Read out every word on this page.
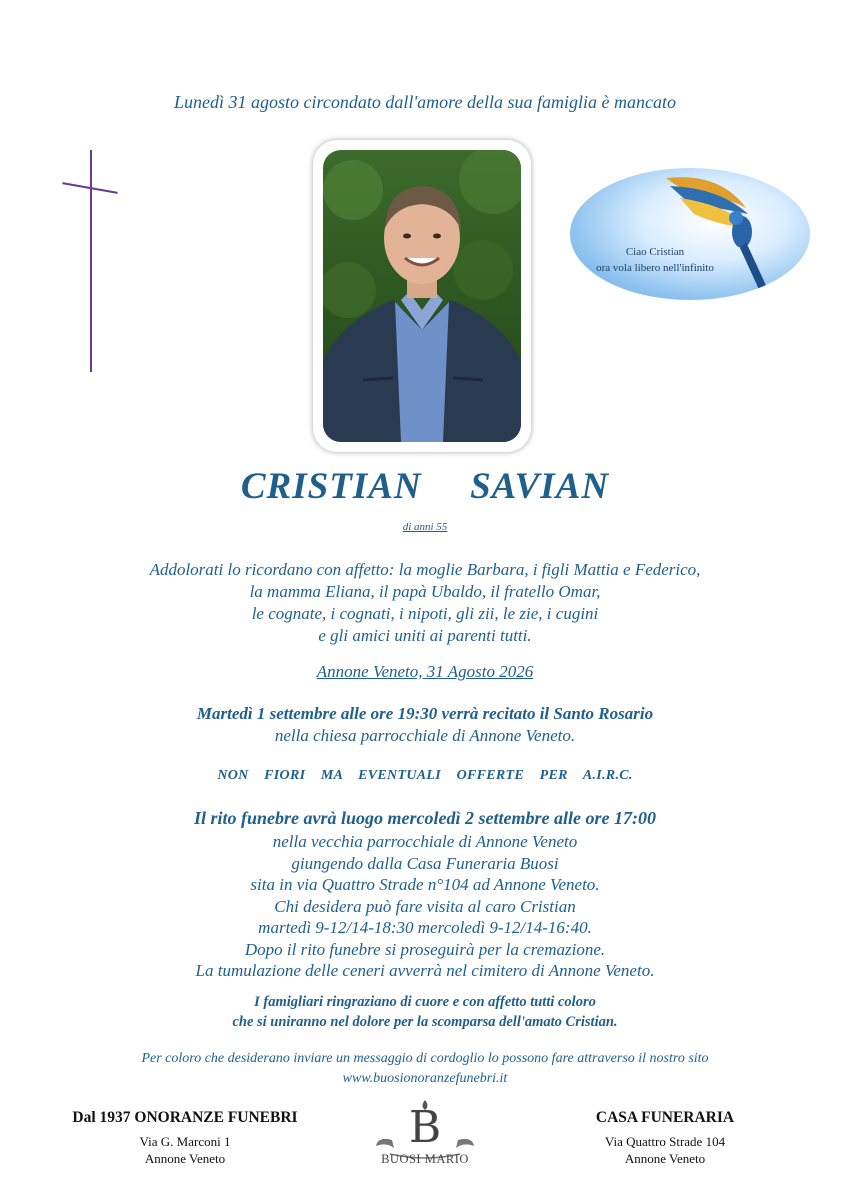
Lunedì 31 agosto circondato dall'amore della sua famiglia è mancato
Ciao Cristian
ora vola libero nell'infinito
CRISTIAN  SAVIAN
di anni 55
Addolorati lo ricordano con affetto: la moglie Barbara, i figli Mattia e Federico,
la mamma Eliana, il papà Ubaldo, il fratello Omar,
le cognate, i cognati, i nipoti, gli zii, le zie, i cugini
e gli amici uniti ai parenti tutti.
Annone Veneto, 31 Agosto 2026
Martedì 1 settembre alle ore 19:30 verrà recitato il Santo Rosario
nella chiesa parrocchiale di Annone Veneto.
NON  FIORI  MA  EVENTUALI  OFFERTE  PER  A.I.R.C.
Il rito funebre avrà luogo mercoledì 2 settembre alle ore 17:00
nella vecchia parrocchiale di Annone Veneto
giungendo dalla Casa Funeraria Buosi
sita in via Quattro Strade n°104 ad Annone Veneto.
Chi desidera può fare visita al caro Cristian
martedì 9-12/14-18:30 mercoledì 9-12/14-16:40.
Dopo il rito funebre si proseguirà per la cremazione.
La tumulazione delle ceneri avverrà nel cimitero di Annone Veneto.
I famigliari ringraziano di cuore e con affetto tutti coloro
che si uniranno nel dolore per la scomparsa dell'amato Cristian.
Per coloro che desiderano inviare un messaggio di cordoglio lo possono fare attraverso il nostro sito
www.buosionoranzefunebri.it
Dal 1937 ONORANZE FUNEBRI
Via G. Marconi 1
Annone Veneto
B
BUOSI MARIO
CASA FUNERARIA
Via Quattro Strade 104
Annone Veneto
